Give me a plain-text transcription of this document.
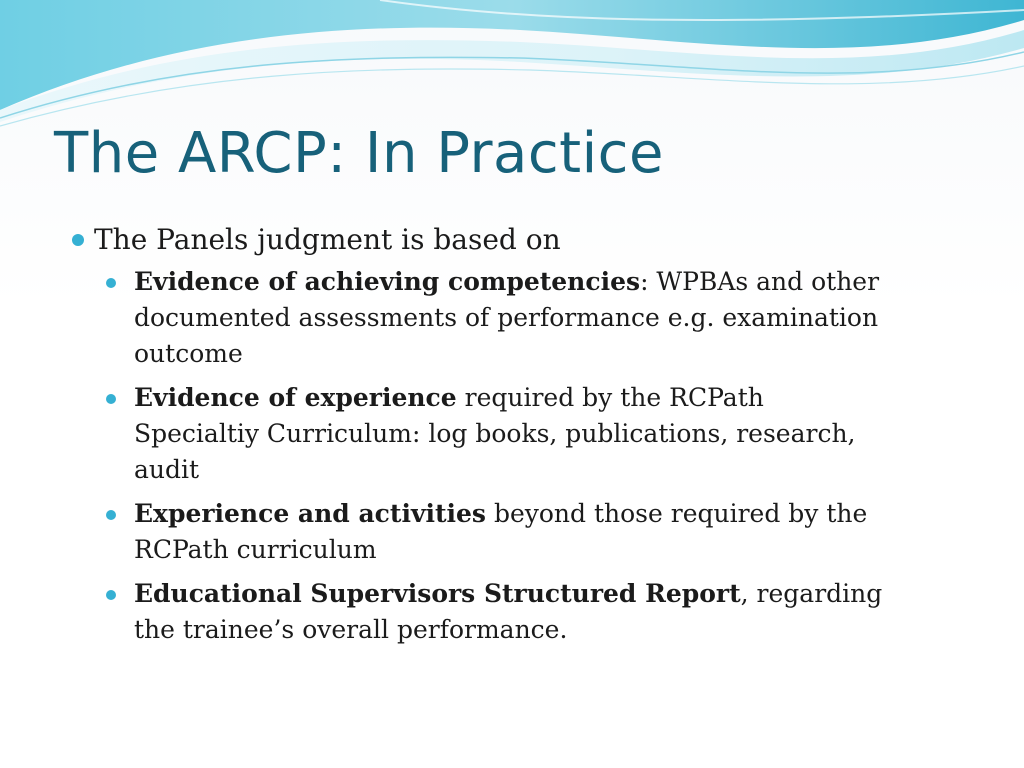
The ARCP: In Practice
The Panels judgment is based on
Evidence of achieving competencies: WPBAs and other documented assessments of performance e.g. examination outcome
Evidence of experience required by the RCPath Specialtiy Curriculum: log books, publications, research, audit
Experience and activities beyond those required by the RCPath curriculum
Educational Supervisors Structured Report, regarding the trainee’s overall performance.
